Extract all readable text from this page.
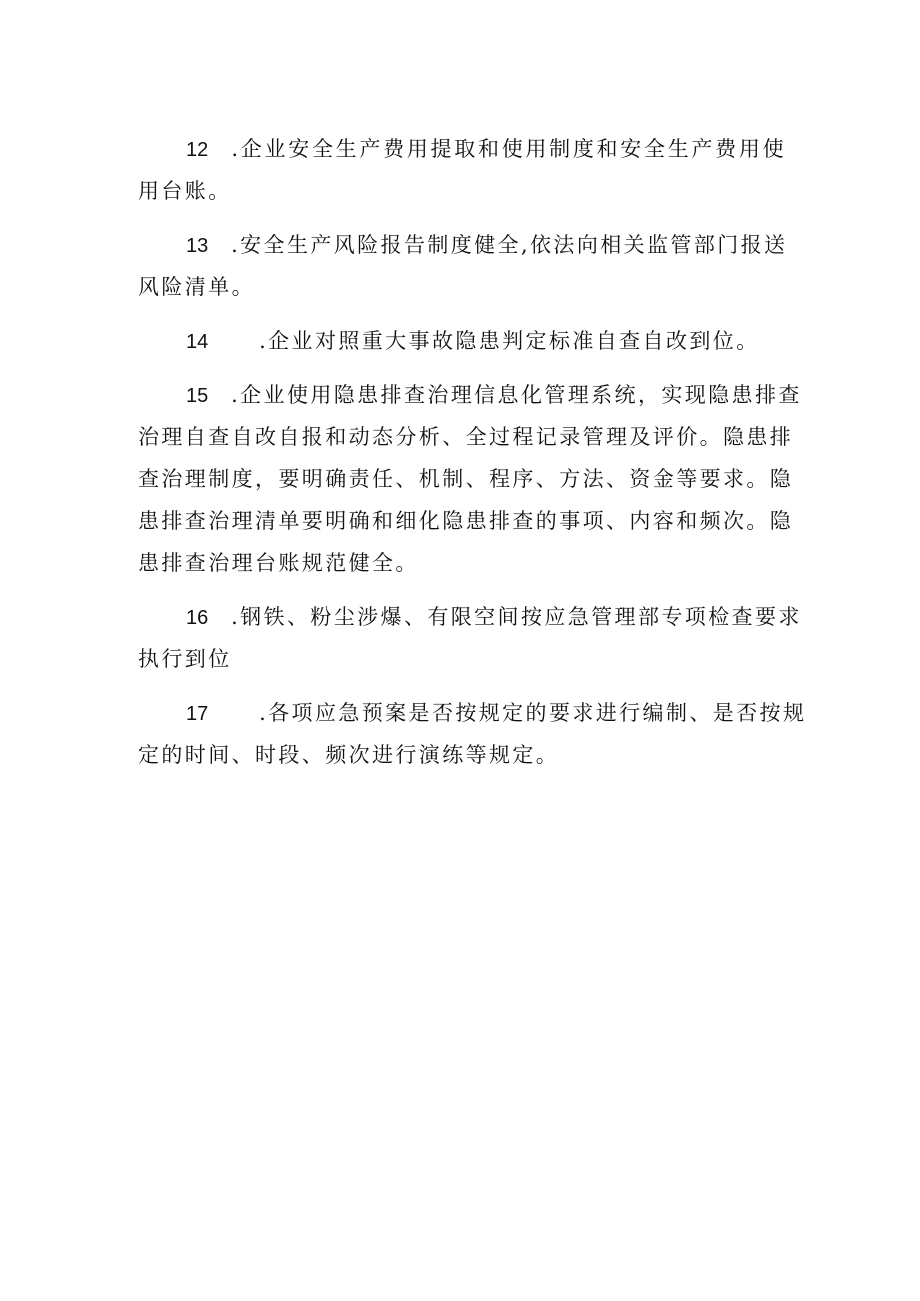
12 .企业安全生产费用提取和使用制度和安全生产费用使
用台账。
13 .安全生产风险报告制度健全,依法向相关监管部门报送
风险清单。
14 .企业对照重大事故隐患判定标准自查自改到位。
15 .企业使用隐患排查治理信息化管理系统，实现隐患排查
治理自查自改自报和动态分析、全过程记录管理及评价。隐患排
查治理制度，要明确责任、机制、程序、方法、资金等要求。隐
患排查治理清单要明确和细化隐患排查的事项、内容和频次。隐
患排查治理台账规范健全。
16 .钢铁、粉尘涉爆、有限空间按应急管理部专项检查要求
执行到位
17 .各项应急预案是否按规定的要求进行编制、是否按规
定的时间、时段、频次进行演练等规定。
